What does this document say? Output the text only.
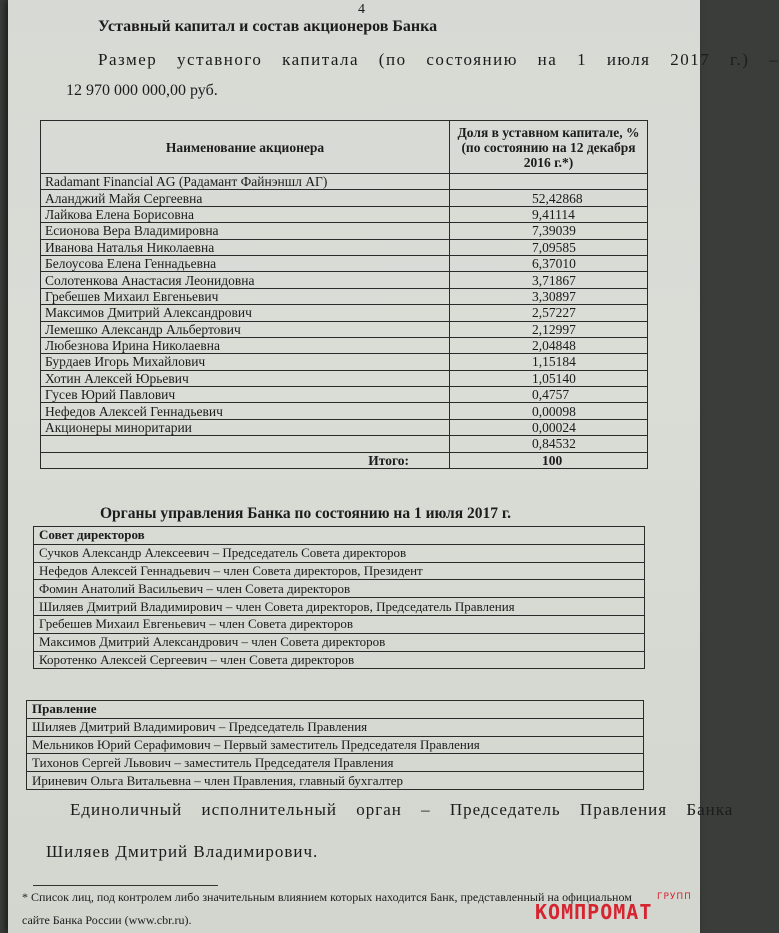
4
Уставный капитал и состав акционеров Банка
Размер уставного капитала (по состоянию на 1 июля 2017 г.) –
12 970 000 000,00 руб.
Наименование акционера	Доля в уставном капитале, % (по состоянию на 12 декабря 2016 г.*)
Radamant Financial AG (Радамант Файнэншл АГ)	
Аланджий Майя Сергеевна	52,42868
Лайкова Елена Борисовна	9,41114
Есионова Вера Владимировна	7,39039
Иванова Наталья Николаевна	7,09585
Белоусова Елена Геннадьевна	6,37010
Солотенкова Анастасия Леонидовна	3,71867
Гребешев Михаил Евгеньевич	3,30897
Максимов Дмитрий Александрович	2,57227
Лемешко Александр Альбертович	2,12997
Любезнова Ирина Николаевна	2,04848
Бурдаев Игорь Михайлович	1,15184
Хотин Алексей Юрьевич	1,05140
Гусев Юрий Павлович	0,4757
Нефедов Алексей Геннадьевич	0,00098
Акционеры миноритарии	0,00024
	0,84532
Итого:	100
Органы управления Банка по состоянию на 1 июля 2017 г.
Совет директоров
Сучков Александр Алексеевич – Председатель Совета директоров
Нефедов Алексей Геннадьевич – член Совета директоров, Президент
Фомин Анатолий Васильевич – член Совета директоров
Шиляев Дмитрий Владимирович – член Совета директоров, Председатель Правления
Гребешев Михаил Евгеньевич – член Совета директоров
Максимов Дмитрий Александрович – член Совета директоров
Коротенко Алексей Сергеевич – член Совета директоров
Правление
Шиляев Дмитрий Владимирович – Председатель Правления
Мельников Юрий Серафимович – Первый заместитель Председателя Правления
Тихонов Сергей Львович – заместитель Председателя Правления
Ириневич Ольга Витальевна – член Правления, главный бухгалтер
Единоличный исполнительный орган – Председатель Правления Банка
Шиляев Дмитрий Владимирович.
* Список лиц, под контролем либо значительным влиянием которых находится Банк, представленный на официальном
сайте Банка России (www.cbr.ru).	КОМПРОМАТ
ГРУПП
